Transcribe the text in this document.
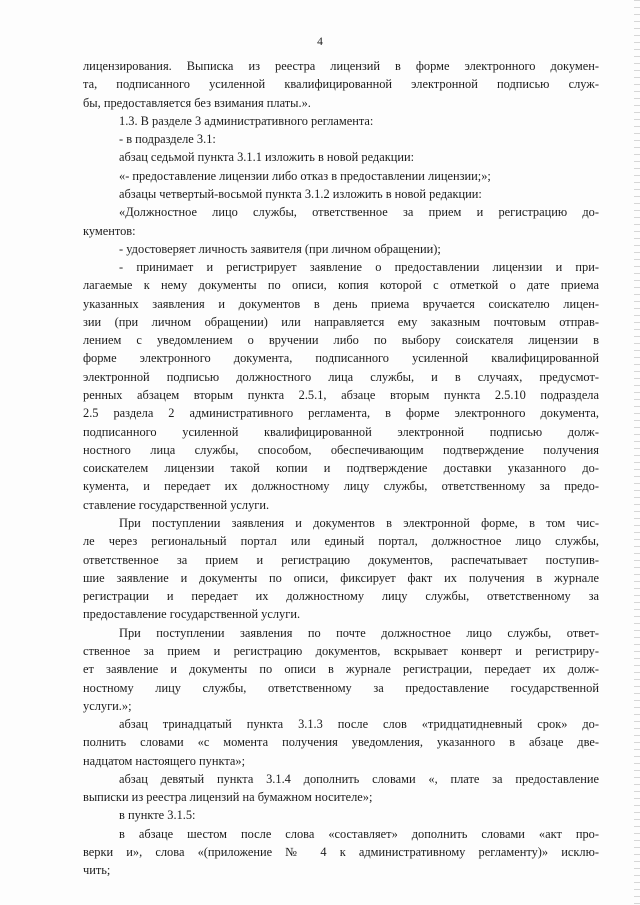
4
лицензирования. Выписка из реестра лицензий в форме электронного докумен-
та, подписанного усиленной квалифицированной электронной подписью служ-
бы, предоставляется без взимания платы.».
1.3. В разделе 3 административного регламента:
- в подразделе 3.1:
абзац седьмой пункта 3.1.1 изложить в новой редакции:
«- предоставление лицензии либо отказ в предоставлении лицензии;»;
абзацы четвертый-восьмой пункта 3.1.2 изложить в новой редакции:
«Должностное лицо службы, ответственное за прием и регистрацию до-
кументов:
- удостоверяет личность заявителя (при личном обращении);
- принимает и регистрирует заявление о предоставлении лицензии и при-
лагаемые к нему документы по описи, копия которой с отметкой о дате приема
указанных заявления и документов в день приема вручается соискателю лицен-
зии (при личном обращении) или направляется ему заказным почтовым отправ-
лением с уведомлением о вручении либо по выбору соискателя лицензии в
форме электронного документа, подписанного усиленной квалифицированной
электронной подписью должностного лица службы, и в случаях, предусмот-
ренных абзацем вторым пункта 2.5.1, абзаце вторым пункта 2.5.10 подраздела
2.5 раздела 2 административного регламента, в форме электронного документа,
подписанного усиленной квалифицированной электронной подписью долж-
ностного лица службы, способом, обеспечивающим подтверждение получения
соискателем лицензии такой копии и подтверждение доставки указанного до-
кумента, и передает их должностному лицу службы, ответственному за предо-
ставление государственной услуги.
При поступлении заявления и документов в электронной форме, в том чис-
ле через региональный портал или единый портал, должностное лицо службы,
ответственное за прием и регистрацию документов, распечатывает поступив-
шие заявление и документы по описи, фиксирует факт их получения в журнале
регистрации и передает их должностному лицу службы, ответственному за
предоставление государственной услуги.
При поступлении заявления по почте должностное лицо службы, ответ-
ственное за прием и регистрацию документов, вскрывает конверт и регистриру-
ет заявление и документы по описи в журнале регистрации, передает их долж-
ностному лицу службы, ответственному за предоставление государственной
услуги.»;
абзац тринадцатый пункта 3.1.3 после слов «тридцатидневный срок» до-
полнить словами «с момента получения уведомления, указанного в абзаце две-
надцатом настоящего пункта»;
абзац девятый пункта 3.1.4 дополнить словами «, плате за предоставление
выписки из реестра лицензий на бумажном носителе»;
в пункте 3.1.5:
в абзаце шестом после слова «составляет» дополнить словами «акт про-
верки и», слова «(приложение № 4 к административному регламенту)» исклю-
чить;
